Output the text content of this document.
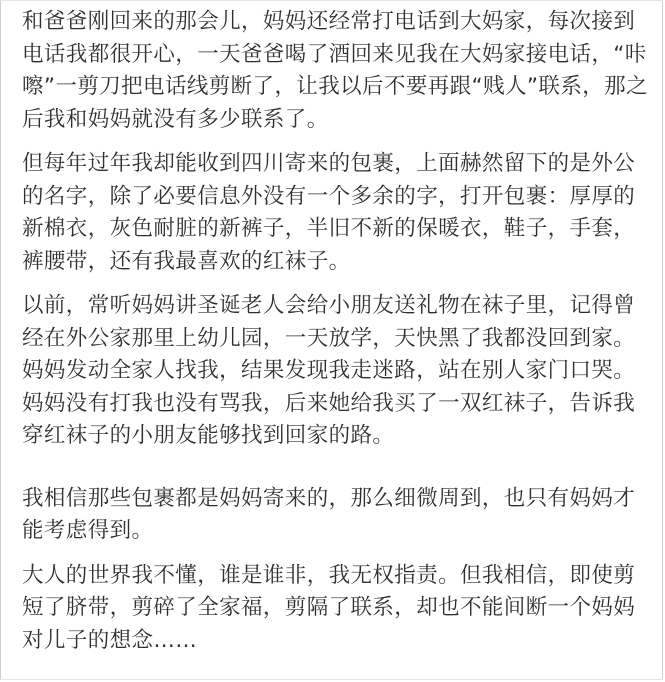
和爸爸刚回来的那会儿，妈妈还经常打电话到大妈家，每次接到电话我都很开心，一天爸爸喝了酒回来见我在大妈家接电话，“咔嚓”一剪刀把电话线剪断了，让我以后不要再跟“贱人”联系，那之后我和妈妈就没有多少联系了。

但每年过年我却能收到四川寄来的包裹，上面赫然留下的是外公的名字，除了必要信息外没有一个多余的字，打开包裹：厚厚的新棉衣，灰色耐脏的新裤子，半旧不新的保暖衣，鞋子，手套，裤腰带，还有我最喜欢的红袜子。

以前，常听妈妈讲圣诞老人会给小朋友送礼物在袜子里，记得曾经在外公家那里上幼儿园，一天放学，天快黑了我都没回到家。妈妈发动全家人找我，结果发现我走迷路，站在别人家门口哭。妈妈没有打我也没有骂我，后来她给我买了一双红袜子，告诉我穿红袜子的小朋友能够找到回家的路。

我相信那些包裹都是妈妈寄来的，那么细微周到，也只有妈妈才能考虑得到。

大人的世界我不懂，谁是谁非，我无权指责。但我相信，即使剪短了脐带，剪碎了全家福，剪隔了联系，却也不能间断一个妈妈对儿子的想念……
